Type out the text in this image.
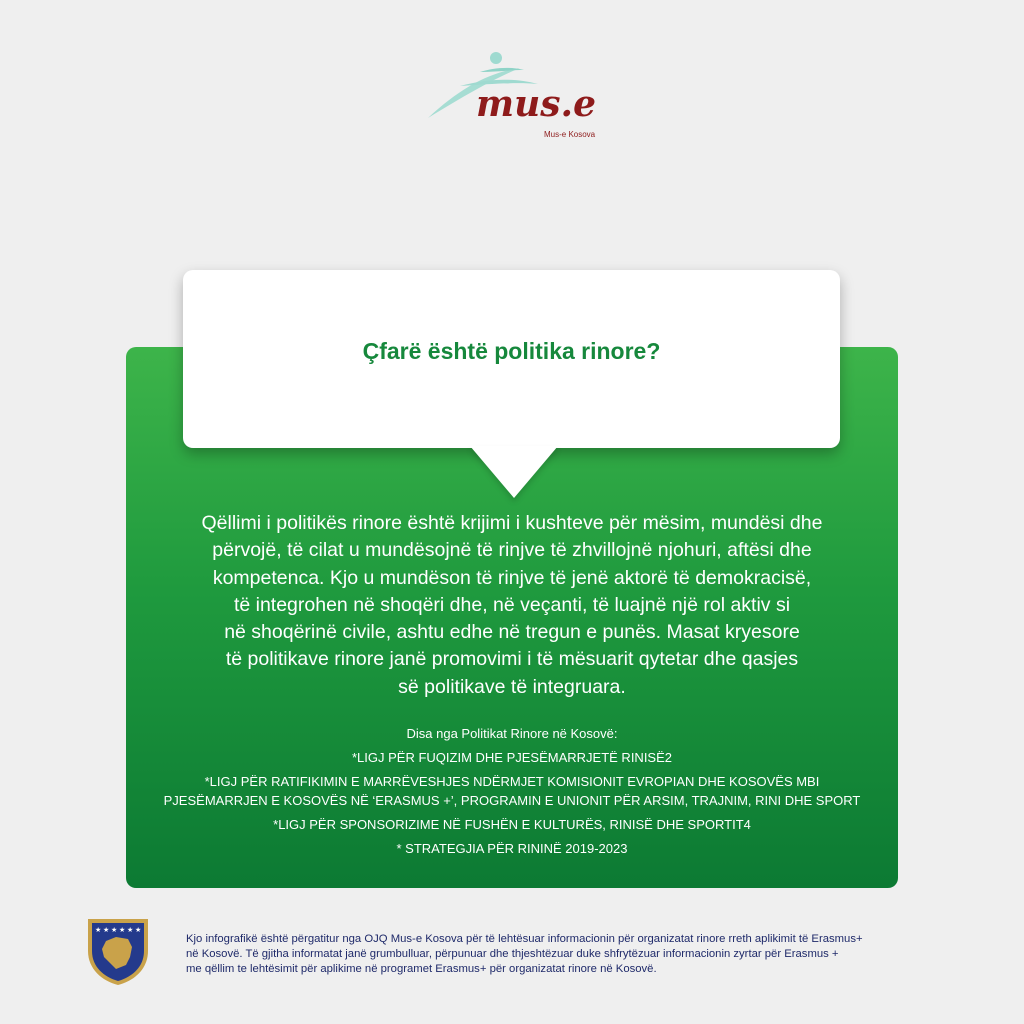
mus.e
Mus-e Kosova
Çfarë është politika rinore?
Qëllimi i politikës rinore është krijimi i kushteve për mësim, mundësi dhe
përvojë, të cilat u mundësojnë të rinjve të zhvillojnë njohuri, aftësi dhe
kompetenca. Kjo u mundëson të rinjve të jenë aktorë të demokracisë,
të integrohen në shoqëri dhe, në veçanti, të luajnë një rol aktiv si
në shoqërinë civile, ashtu edhe në tregun e punës. Masat kryesore
të politikave rinore janë promovimi i të mësuarit qytetar dhe qasjes
së politikave të integruara.
Disa nga Politikat Rinore në Kosovë:
*LIGJ PËR FUQIZIM DHE PJESËMARRJETË RINISË2
*LIGJ PËR RATIFIKIMIN E MARRËVESHJES NDËRMJET KOMISIONIT EVROPIAN DHE KOSOVËS MBI
PJESËMARRJEN E KOSOVËS NË ‘ERASMUS +’, PROGRAMIN E UNIONIT PËR ARSIM, TRAJNIM, RINI DHE SPORT
*LIGJ PËR SPONSORIZIME NË FUSHËN E KULTURËS, RINISË DHE SPORTIT4
* STRATEGJIA PËR RININË 2019-2023
★ ★ ★ ★ ★ ★
Kjo infografikë është përgatitur nga OJQ Mus-e Kosova për të lehtësuar informacionin për organizatat rinore rreth aplikimit të Erasmus+
në Kosovë. Të gjitha informatat janë grumbulluar, përpunuar dhe thjeshtëzuar duke shfrytëzuar informacionin zyrtar për Erasmus +
me qëllim te lehtësimit për aplikime në programet Erasmus+ për organizatat rinore në Kosovë.
